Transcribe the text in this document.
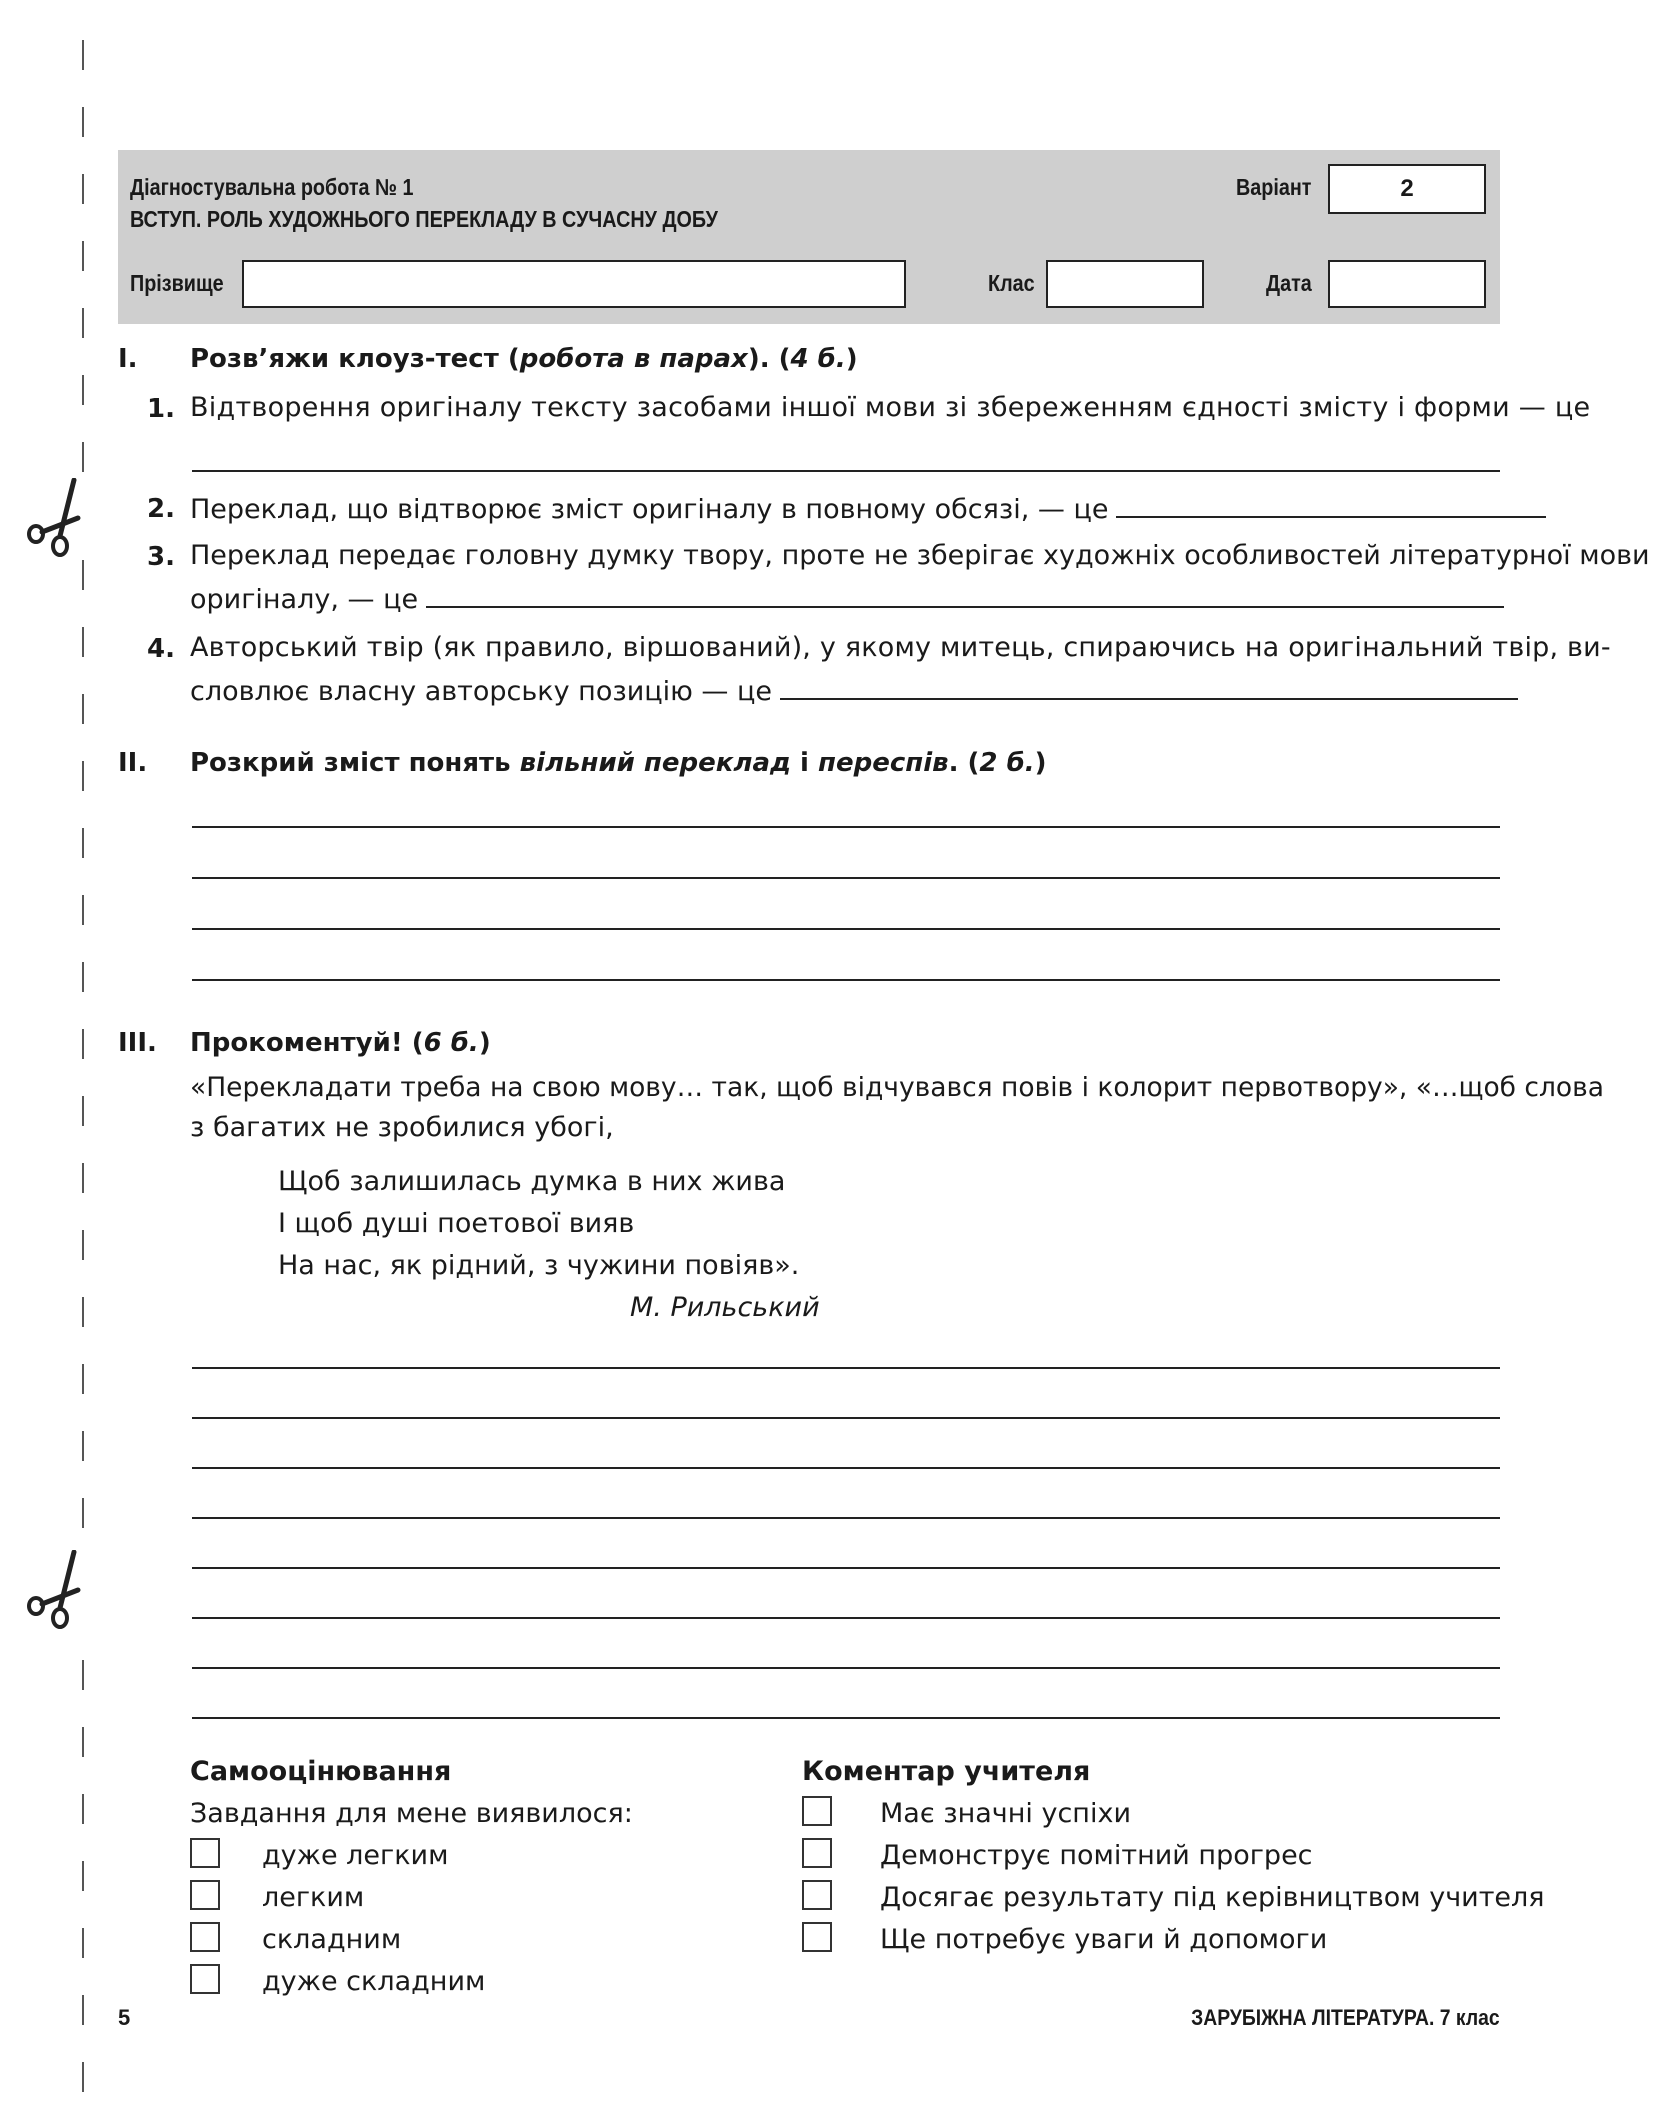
Діагностувальна робота № 1
ВСТУП. РОЛЬ ХУДОЖНЬОГО ПЕРЕКЛАДУ В СУЧАСНУ ДОБУ
Варіант	2
Прізвище	Клас	Дата
I. Розв’яжи клоуз-тест (робота в парах). (4 б.)
1. Відтворення оригіналу тексту засобами іншої мови зі збереженням єдності змісту і форми — це
2. Переклад, що відтворює зміст оригіналу в повному обсязі, — це
3. Переклад передає головну думку твору, проте не зберігає художніх особливостей літературної мови
оригіналу, — це
4. Авторський твір (як правило, віршований), у якому митець, спираючись на оригінальний твір, ви-
словлює власну авторську позицію — це
II. Розкрий зміст понять вільний переклад і переспів. (2 б.)
III. Прокоментуй! (6 б.)
«Перекладати треба на свою мову… так, щоб відчувався повів і колорит первотвору», «…щоб слова
з багатих не зробилися убогі,
Щоб залишилась думка в них жива
І щоб душі поетової вияв
На нас, як рідний, з чужини повіяв».
М. Рильський
Самооцінювання
Завдання для мене виявилося:
дуже легким
легким
складним
дуже складним
Коментар учителя
Має значні успіхи
Демонструє помітний прогрес
Досягає результату під керівництвом учителя
Ще потребує уваги й допомоги
5	ЗАРУБІЖНА ЛІТЕРАТУРА. 7 клас
